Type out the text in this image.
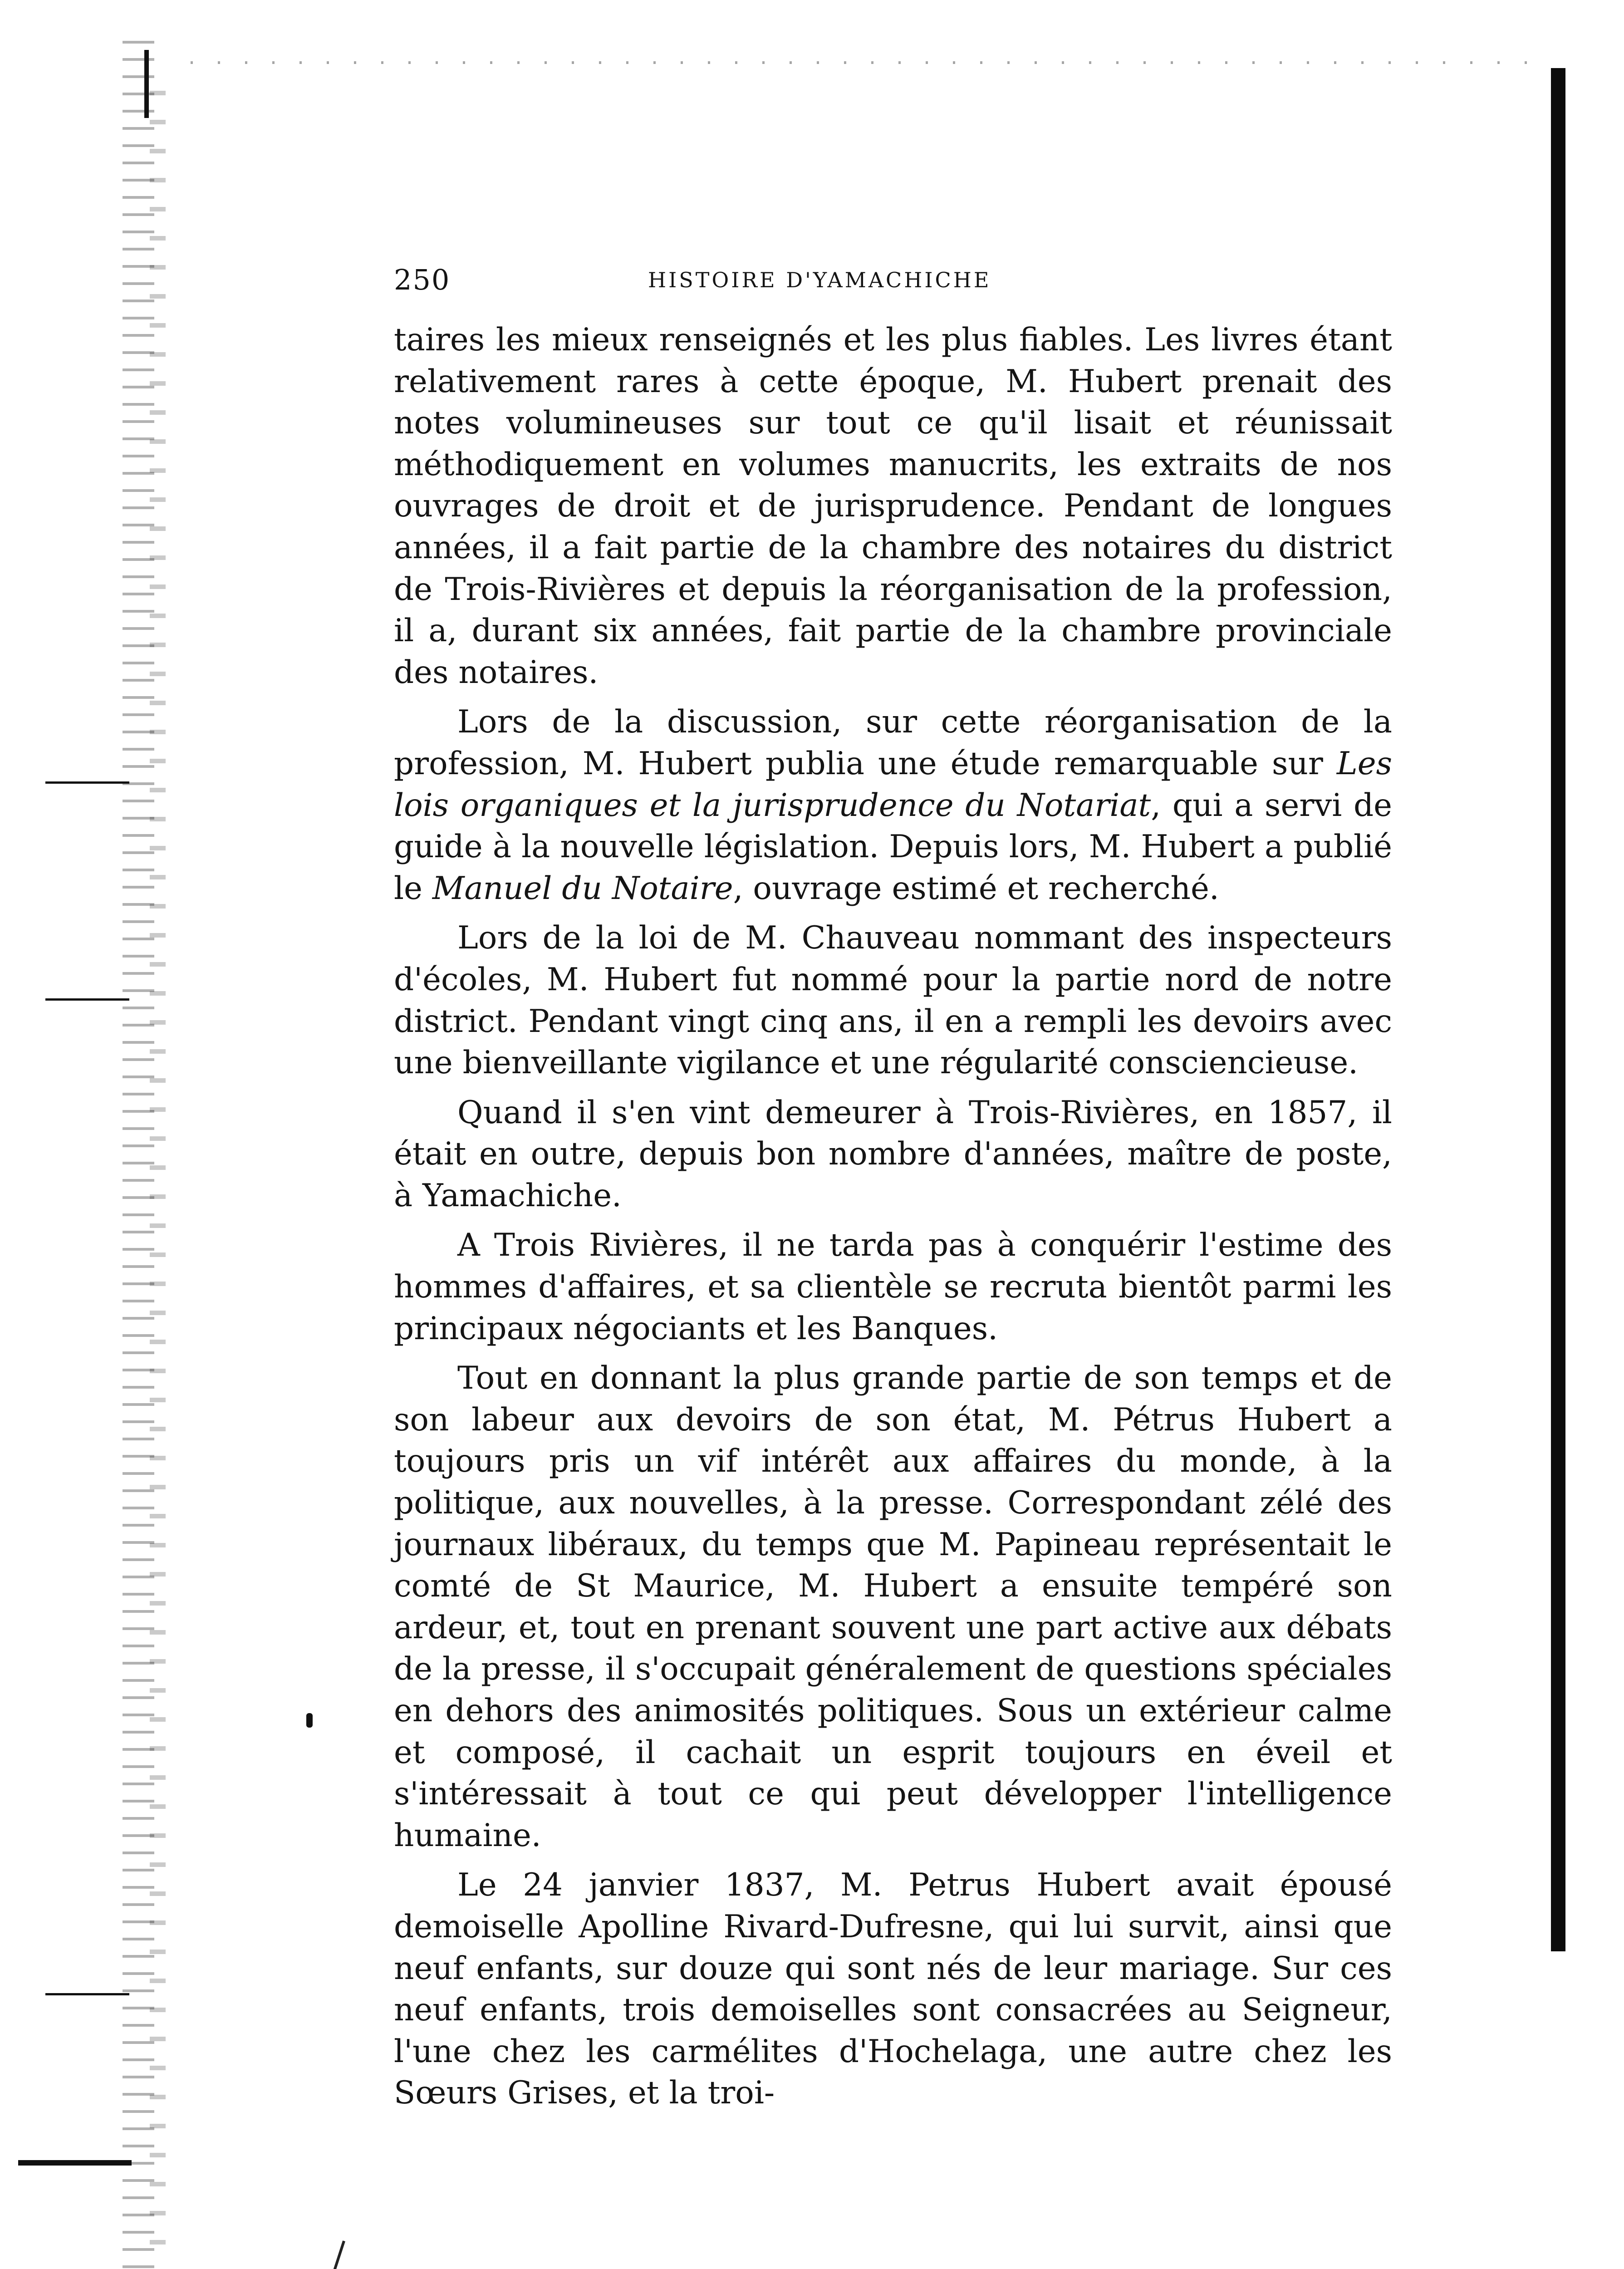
250	HISTOIRE D'YAMACHICHE

taires les mieux renseignés et les plus fiables. Les livres étant relativement rares à cette époque, M. Hubert prenait des notes volumineuses sur tout ce qu'il lisait et réunissait méthodiquement en volumes manucrits, les extraits de nos ouvrages de droit et de jurisprudence. Pendant de longues années, il a fait partie de la chambre des notaires du district de Trois-Rivières et depuis la réorganisation de la profession, il a, durant six années, fait partie de la chambre provinciale des notaires.

Lors de la discussion, sur cette réorganisation de la profession, M. Hubert publia une étude remarquable sur Les lois organiques et la jurisprudence du Notariat, qui a servi de guide à la nouvelle législation. Depuis lors, M. Hubert a publié le Manuel du Notaire, ouvrage estimé et recherché.

Lors de la loi de M. Chauveau nommant des inspecteurs d'écoles, M. Hubert fut nommé pour la partie nord de notre district. Pendant vingt cinq ans, il en a rempli les devoirs avec une bienveillante vigilance et une régularité consciencieuse.

Quand il s'en vint demeurer à Trois-Rivières, en 1857, il était en outre, depuis bon nombre d'années, maître de poste, à Yamachiche.

A Trois Rivières, il ne tarda pas à conquérir l'estime des hommes d'affaires, et sa clientèle se recruta bientôt parmi les principaux négociants et les Banques.

Tout en donnant la plus grande partie de son temps et de son labeur aux devoirs de son état, M. Pétrus Hubert a toujours pris un vif intérêt aux affaires du monde, à la politique, aux nouvelles, à la presse. Correspondant zélé des journaux libéraux, du temps que M. Papineau représentait le comté de St Maurice, M. Hubert a ensuite tempéré son ardeur, et, tout en prenant souvent une part active aux débats de la presse, il s'occupait généralement de questions spéciales en dehors des animosités politiques. Sous un extérieur calme et composé, il cachait un esprit toujours en éveil et s'intéressait à tout ce qui peut développer l'intelligence humaine.

Le 24 janvier 1837, M. Petrus Hubert avait épousé demoiselle Apolline Rivard-Dufresne, qui lui survit, ainsi que neuf enfants, sur douze qui sont nés de leur mariage. Sur ces neuf enfants, trois demoiselles sont consacrées au Seigneur, l'une chez les carmélites d'Hochelaga, une autre chez les Sœurs Grises, et la troi-
